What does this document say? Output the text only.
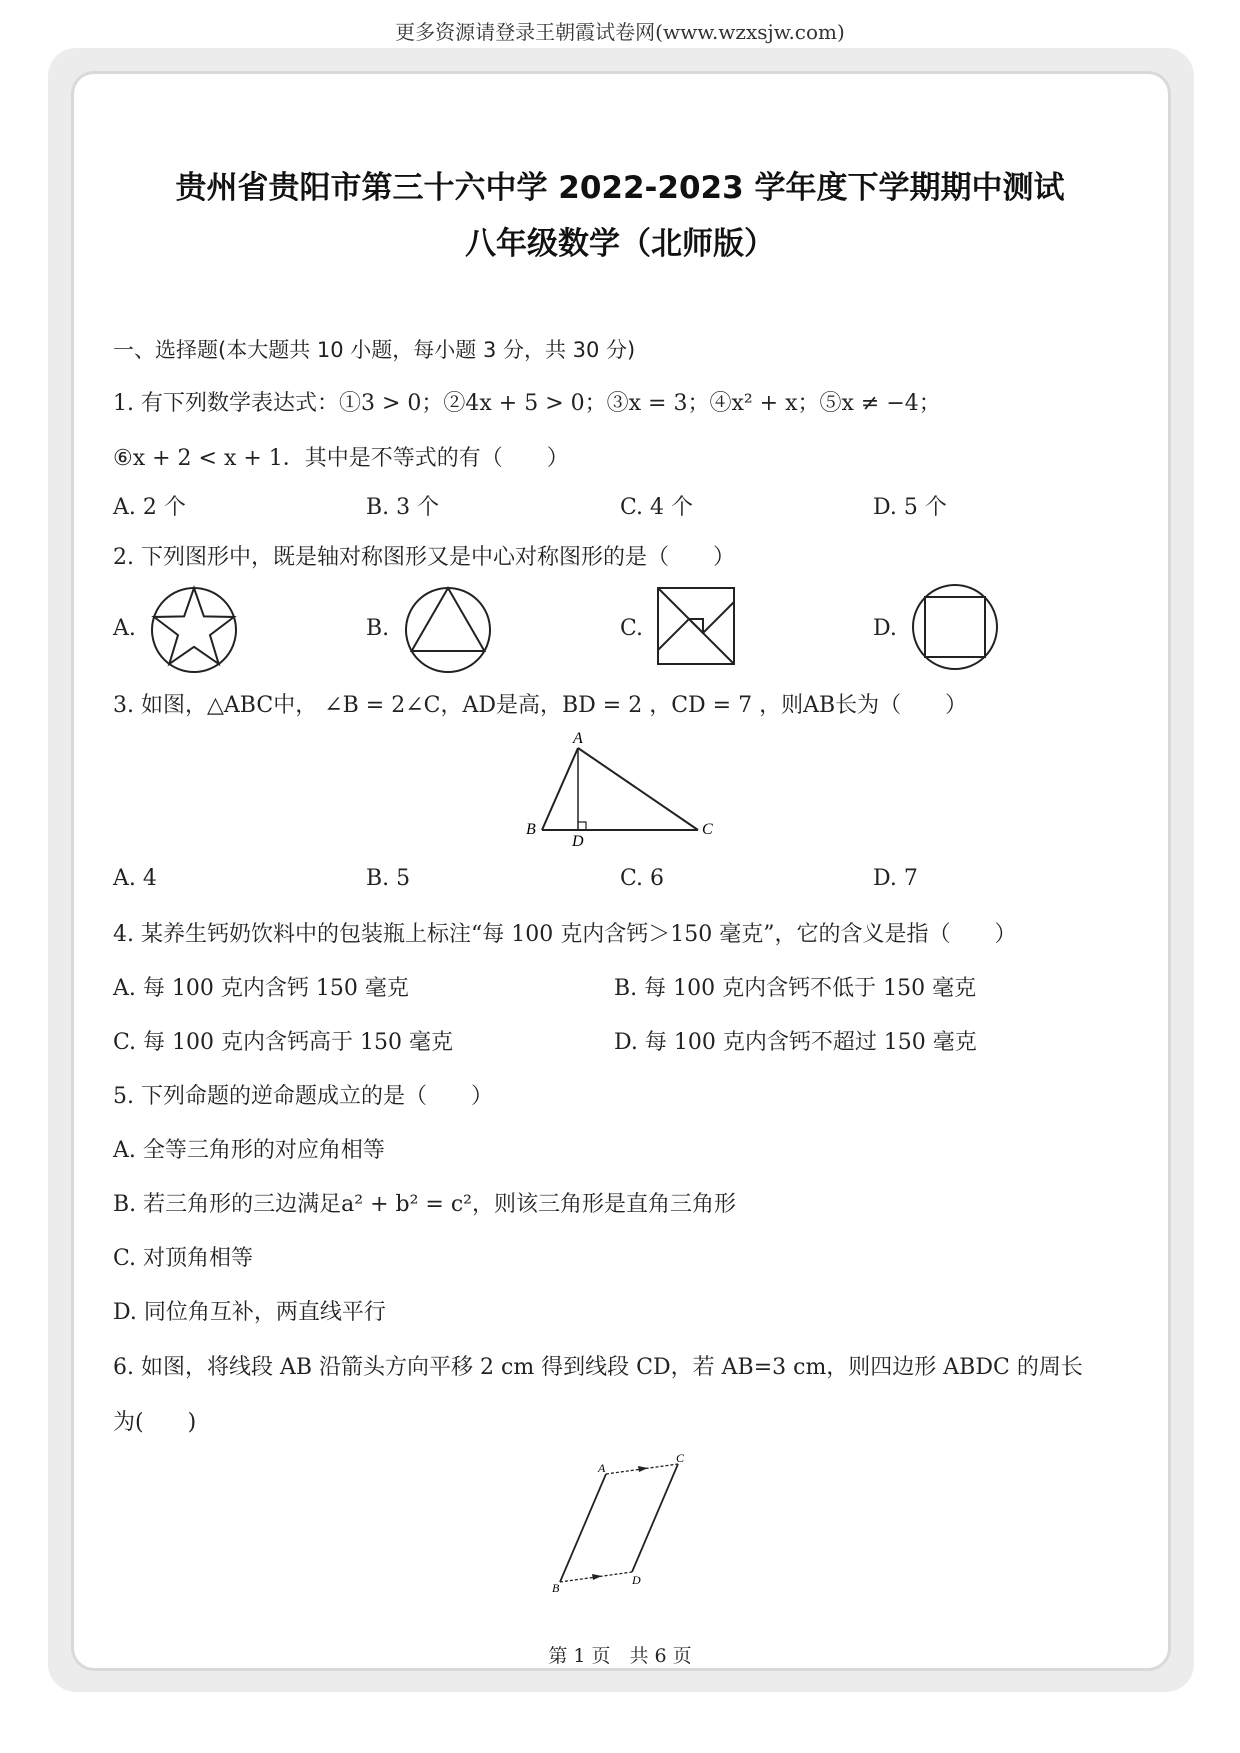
更多资源请登录王朝霞试卷网(www.wzxsjw.com)
贵州省贵阳市第三十六中学 2022-2023 学年度下学期期中测试
八年级数学（北师版）
一、选择题(本大题共 10 小题，每小题 3 分，共 30 分)
1. 有下列数学表达式：①3 > 0；②4x + 5 > 0；③x = 3；④x² + x；⑤x ≠ −4；
⑥x + 2 < x + 1．其中是不等式的有（　　）
A. 2 个	B. 3 个	C. 4 个	D. 5 个
2. 下列图形中，既是轴对称图形又是中心对称图形的是（　　）
A.	B.	C.	D.
3. 如图，△ABC中， ∠B = 2∠C，AD是高，BD = 2 ，CD = 7 ，则AB长为（　　）
A
B	C
D
A. 4	B. 5	C. 6	D. 7
4. 某养生钙奶饮料中的包装瓶上标注“每 100 克内含钙＞150 毫克”，它的含义是指（　　）
A. 每 100 克内含钙 150 毫克	B. 每 100 克内含钙不低于 150 毫克
C. 每 100 克内含钙高于 150 毫克	D. 每 100 克内含钙不超过 150 毫克
5. 下列命题的逆命题成立的是（　　）
A. 全等三角形的对应角相等
B. 若三角形的三边满足a² + b² = c²，则该三角形是直角三角形
C. 对顶角相等
D. 同位角互补，两直线平行
6. 如图，将线段 AB 沿箭头方向平移 2 cm 得到线段 CD，若 AB=3 cm，则四边形 ABDC 的周长
为(　　)
A
B
C
D
第 1 页　共 6 页
